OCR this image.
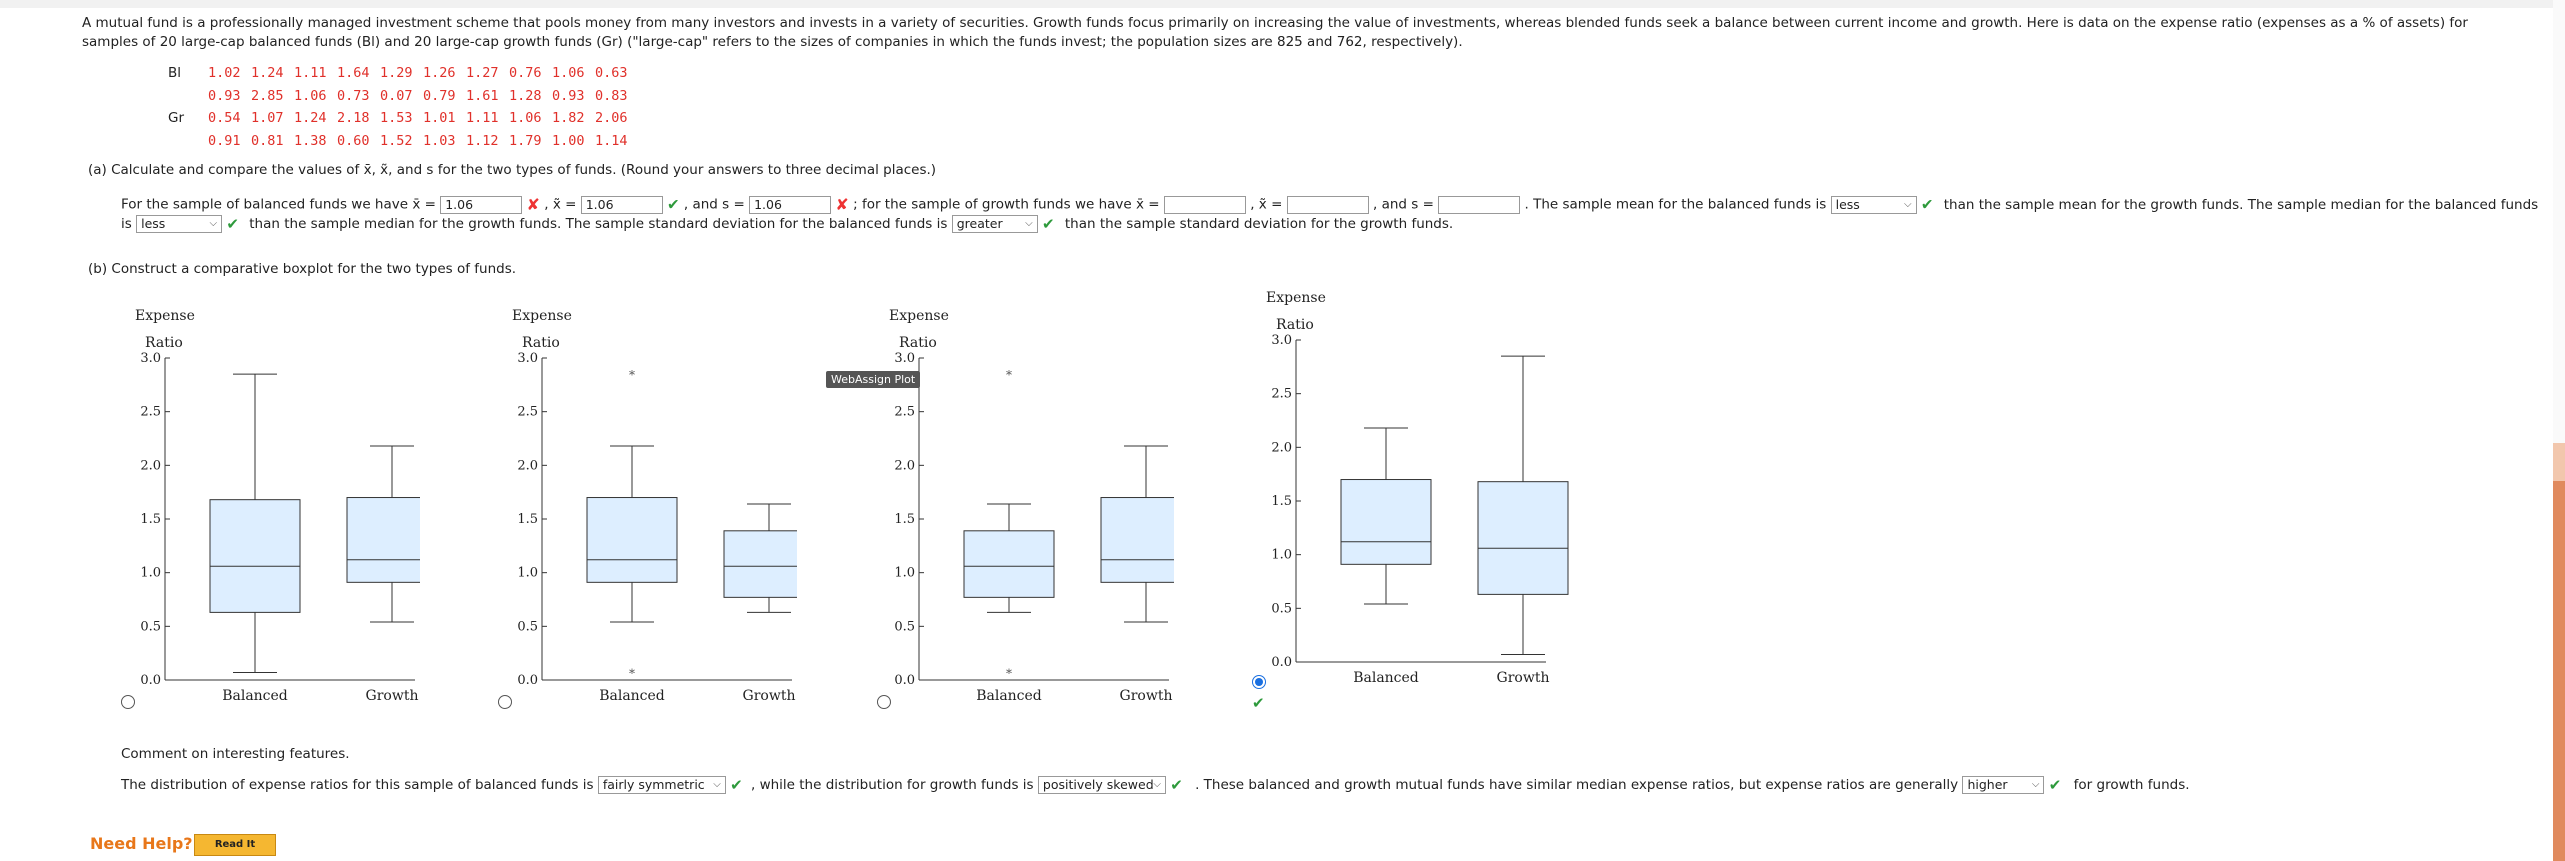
A mutual fund is a professionally managed investment scheme that pools money from many investors and invests in a variety of securities. Growth funds focus primarily on increasing the value of investments, whereas blended funds seek a balance between current income and growth. Here is data on the expense ratio (expenses as a % of assets) for samples of 20 large-cap balanced funds (Bl) and 20 large-cap growth funds (Gr) ("large-cap" refers to the sizes of companies in which the funds invest; the population sizes are 825 and 762, respectively).
Bl	1.02 1.24 1.11 1.64 1.29 1.26 1.27 0.76 1.06 0.63
0.93 2.85 1.06 0.73 0.07 0.79 1.61 1.28 0.93 0.83
Gr	0.54 1.07 1.24 2.18 1.53 1.01 1.11 1.06 1.82 2.06
0.91 0.81 1.38 0.60 1.52 1.03 1.12 1.79 1.00 1.14
(a) Calculate and compare the values of x̄, x̃, and s for the two types of funds. (Round your answers to three decimal places.)
For the sample of balanced funds we have x̄ = 1.06	✘ , x̃ = 1.06	✔ , and s = 1.06	✘ ; for the sample of growth funds we have x̄ =	, x̃ =	, and s =	. The sample mean for the balanced funds is less	⌵ ✔ than the sample mean for the growth funds. The sample median for the balanced funds
is less	⌵ ✔ than the sample median for the growth funds. The sample standard deviation for the balanced funds is greater ⌵ ✔ than the sample standard deviation for the growth funds.
(b) Construct a comparative boxplot for the two types of funds.
Expense
Ratio
0.0
0.5
1.0
1.5
2.0
2.5
3.0
Balanced	Growth
Expense
Ratio
0.0
0.5
1.0
1.5
2.0
2.5
3.0
*
*
Balanced	Growth
Expense
Ratio
0.0
0.5
1.0
1.5
2.0
2.5
3.0
*
*
Balanced	Growth
Expense
Ratio
0.0
0.5
1.0
1.5
2.0
2.5
3.0
Balanced	Growth
WebAssign Plot
✔
Comment on interesting features.
The distribution of expense ratios for this sample of balanced funds is fairly symmetric ⌵ ✔ , while the distribution for growth funds is positively skewed ⌵ ✔ . These balanced and growth mutual funds have similar median expense ratios, but expense ratios are generally higher ⌵ ✔ for growth funds.
Need Help?	Read It
